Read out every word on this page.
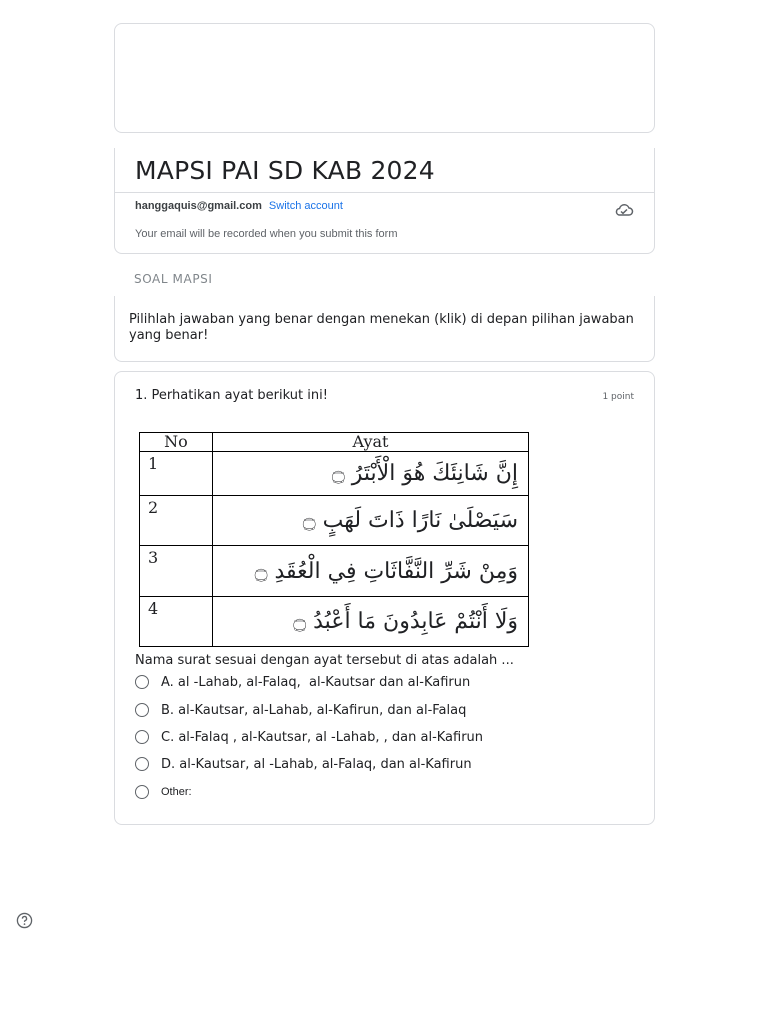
MAPSI PAI SD KAB 2024
hanggaquis@gmail.com Switch account
Your email will be recorded when you submit this form
SOAL MAPSI
Pilihlah jawaban yang benar dengan menekan (klik) di depan pilihan jawaban yang benar!
1. Perhatikan ayat berikut ini!	1 point
No	Ayat
1	إِنَّ شَانِئَكَ هُوَ الْأَبْتَرُ ۝
2	سَيَصْلَىٰ نَارًا ذَاتَ لَهَبٍ ۝
3	وَمِنْ شَرِّ النَّفَّاثَاتِ فِي الْعُقَدِ ۝
4	وَلَا أَنْتُمْ عَابِدُونَ مَا أَعْبُدُ ۝
Nama surat sesuai dengan ayat tersebut di atas adalah ...
A. al -Lahab, al-Falaq,  al-Kautsar dan al-Kafirun
B. al-Kautsar, al-Lahab, al-Kafirun, dan al-Falaq
C. al-Falaq , al-Kautsar, al -Lahab, , dan al-Kafirun
D. al-Kautsar, al -Lahab, al-Falaq, dan al-Kafirun
Other:
